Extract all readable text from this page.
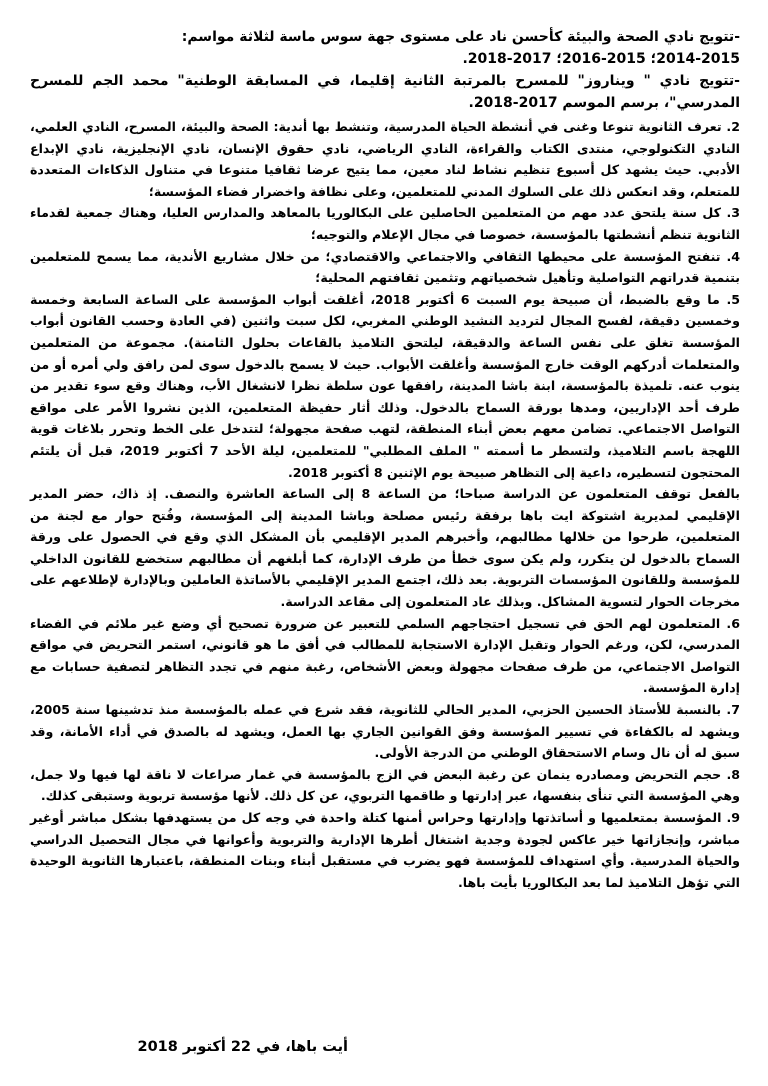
-تتويج نادي الصحة والبيئة كأحسن ناد على مستوى جهة سوس ماسة لثلاثة مواسم:

2014-2015؛ 2015-2016؛ 2017-2018.

-تتويج نادي " ويناروز" للمسرح بالمرتبة الثانية إقليما، في المسابقة الوطنية" محمد الجم للمسرح المدرسي"، برسم الموسم 2017-2018.

2. تعرف الثانوية تنوعا وغنى في أنشطة الحياة المدرسية، وتنشط بها أندية: الصحة والبيئة، المسرح، النادي العلمي، النادي التكنولوجي، منتدى الكتاب والقراءة، النادي الرياضي، نادي حقوق الإنسان، نادي الإنجليزية، نادي الإبداع الأدبي. حيث يشهد كل أسبوع تنظيم نشاط لناد معين، مما يتيح عرضا ثقافيا متنوعا في متناول الذكاءات المتعددة للمتعلم، وقد انعكس ذلك على السلوك المدني للمتعلمين، وعلى نظافة واخضرار فضاء المؤسسة؛

3. كل سنة يلتحق عدد مهم من المتعلمين الحاصلين على البكالوريا بالمعاهد والمدارس العليا، وهناك جمعية لقدماء الثانوية تنظم أنشطتها بالمؤسسة، خصوصا في مجال الإعلام والتوجيه؛

4. تنفتح المؤسسة على محيطها الثقافي والاجتماعي والاقتصادي؛ من خلال مشاريع الأندية، مما يسمح للمتعلمين بتنمية قدراتهم التواصلية وتأهيل شخصياتهم وتثمين ثقافتهم المحلية؛

5. ما وقع بالضبط، أن صبيحة يوم السبت 6 أكتوبر 2018، أغلقت أبواب المؤسسة على الساعة السابعة وخمسة وخمسين دقيقة، لفسح المجال لترديد النشيد الوطني المغربي، لكل سبت واثنين (في العادة وحسب القانون أبواب المؤسسة تغلق على نفس الساعة والدقيقة، ليلتحق التلاميذ بالقاعات بحلول الثامنة). مجموعة من المتعلمين والمتعلمات أدركهم الوقت خارج المؤسسة وأغلقت الأبواب. حيث لا يسمح بالدخول سوى لمن رافق ولي أمره أو من ينوب عنه. تلميذة بالمؤسسة، ابنة باشا المدينة، رافقها عون سلطة نظرا لانشغال الأب، وهناك وقع سوء تقدير من طرف أحد الإداريين، ومدها بورقة السماح بالدخول. وذلك أثار حفيظة المتعلمين، الذين نشروا الأمر على مواقع التواصل الاجتماعي. تضامن معهم بعض أبناء المنطقة، لتهب صفحة مجهولة؛ لتتدخل على الخط وتحرر بلاغات قوية اللهجة باسم التلاميذ، ولتسطر ما أسمته " الملف المطلبي" للمتعلمين، ليلة الأحد 7 أكتوبر 2019، قبل أن يلتئم المحتجون لتسطيره، داعية إلى التظاهر صبيحة يوم الإثنين 8 أكتوبر 2018.

بالفعل توقف المتعلمون عن الدراسة صباحا؛ من الساعة 8 إلى الساعة العاشرة والنصف. إذ ذاك، حضر المدير الإقليمي لمديرية اشتوكة ايت باها برفقة رئيس مصلحة وباشا المدينة إلى المؤسسة، وفُتح حوار مع لجنة من المتعلمين، طرحوا من خلالها مطالبهم، وأخبرهم المدير الإقليمي بأن المشكل الذي وقع في الحصول على ورقة السماح بالدخول لن يتكرر، ولم يكن سوى خطأ من طرف الإدارة، كما أبلغهم أن مطالبهم ستخضع للقانون الداخلي للمؤسسة وللقانون المؤسسات التربوية. بعد ذلك، اجتمع المدير الإقليمي بالأساتذة العاملين وبالإدارة لإطلاعهم على مخرجات الحوار لتسوية المشاكل. وبذلك عاد المتعلمون إلى مقاعد الدراسة.

6. المتعلمون لهم الحق في تسجيل احتجاجهم السلمي للتعبير عن ضرورة تصحيح أي وضع غير ملائم في الفضاء المدرسي، لكن، ورغم الحوار وتقبل الإدارة الاستجابة للمطالب في أفق ما هو قانوني، استمر التحريض في مواقع التواصل الاجتماعي، من طرف صفحات مجهولة وبعض الأشخاص، رغبة منهم في تجدد التظاهر لتصفية حسابات مع إدارة المؤسسة.

7. بالنسبة للأستاذ الحسين الحزبي، المدير الحالي للثانوية، فقد شرع في عمله بالمؤسسة منذ تدشينها سنة 2005، ويشهد له بالكفاءة في تسيير المؤسسة وفق القوانين الجاري بها العمل، ويشهد له بالصدق في أداء الأمانة، وقد سبق له أن نال وسام الاستحقاق الوطني من الدرجة الأولى.

8. حجم التحريض ومصادره ينمان عن رغبة البعض في الزج بالمؤسسة في غمار صراعات لا ناقة لها فيها ولا جمل، وهي المؤسسة التي تنأى بنفسها، عبر إدارتها و طاقمها التربوي، عن كل ذلك. لأنها مؤسسة تربوية وستبقى كذلك.

9. المؤسسة بمتعلميها و أساتذتها وإدارتها وحراس أمنها كتلة واحدة في وجه كل من يستهدفها بشكل مباشر أوغير مباشر، وإنجازاتها خير عاكس لجودة وجدية اشتغال أطرها الإدارية والتربوية وأعوانها في مجال التحصيل الدراسي والحياة المدرسية. وأي استهداف للمؤسسة فهو يضرب في مستقبل أبناء وبنات المنطقة، باعتبارها الثانوية الوحيدة التي تؤهل التلاميذ لما بعد البكالوريا بأيت باها.

أيت باها، في 22 أكتوبر 2018
